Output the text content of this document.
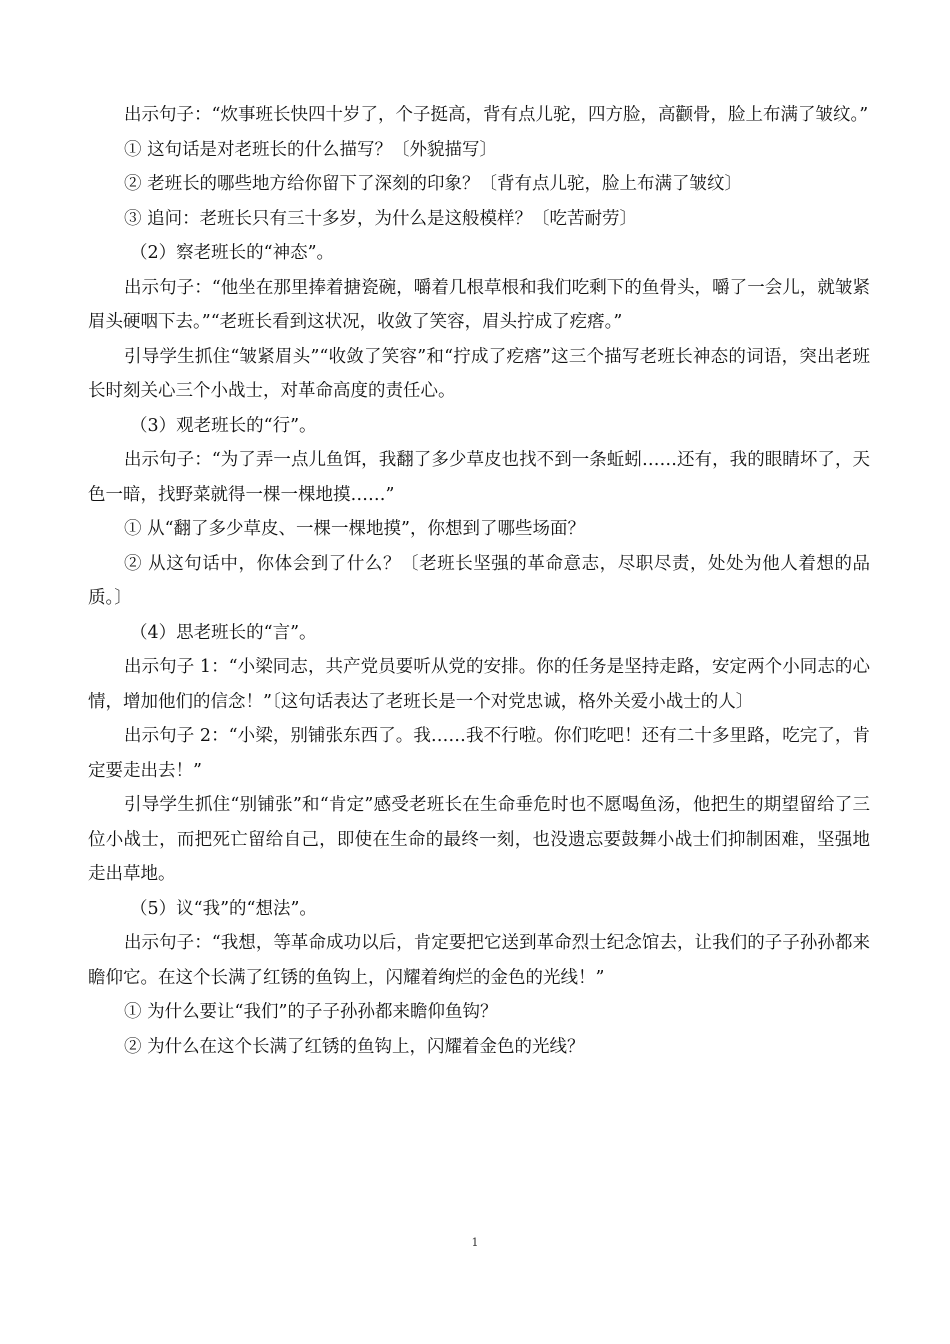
出示句子：“炊事班长快四十岁了，个子挺高，背有点儿驼，四方脸，高颧骨，脸上布满了皱纹。”

① 这句话是对老班长的什么描写？〔外貌描写〕

② 老班长的哪些地方给你留下了深刻的印象？〔背有点儿驼，脸上布满了皱纹〕

③ 追问：老班长只有三十多岁，为什么是这般模样？〔吃苦耐劳〕

（2）察老班长的“神态”。

出示句子：“他坐在那里捧着搪瓷碗，嚼着几根草根和我们吃剩下的鱼骨头，嚼了一会儿，就皱紧眉头硬咽下去。”“老班长看到这状况，收敛了笑容，眉头拧成了疙瘩。”

引导学生抓住“皱紧眉头”“收敛了笑容”和“拧成了疙瘩”这三个描写老班长神态的词语，突出老班长时刻关心三个小战士，对革命高度的责任心。

（3）观老班长的“行”。

出示句子：“为了弄一点儿鱼饵，我翻了多少草皮也找不到一条蚯蚓……还有，我的眼睛坏了，天色一暗，找野菜就得一棵一棵地摸……”

① 从“翻了多少草皮、一棵一棵地摸”，你想到了哪些场面？

② 从这句话中，你体会到了什么？〔老班长坚强的革命意志，尽职尽责，处处为他人着想的品质。〕

（4）思老班长的“言”。

出示句子 1：“小梁同志，共产党员要听从党的安排。你的任务是坚持走路，安定两个小同志的心情，增加他们的信念！”〔这句话表达了老班长是一个对党忠诚，格外关爱小战士的人〕

出示句子 2：“小梁，别铺张东西了。我……我不行啦。你们吃吧！还有二十多里路，吃完了，肯定要走出去！”

引导学生抓住“别铺张”和“肯定”感受老班长在生命垂危时也不愿喝鱼汤，他把生的期望留给了三位小战士，而把死亡留给自己，即使在生命的最终一刻，也没遗忘要鼓舞小战士们抑制困难，坚强地走出草地。

（5）议“我”的“想法”。

出示句子：“我想，等革命成功以后，肯定要把它送到革命烈士纪念馆去，让我们的子子孙孙都来瞻仰它。在这个长满了红锈的鱼钩上，闪耀着绚烂的金色的光线！”

① 为什么要让“我们”的子子孙孙都来瞻仰鱼钩？

② 为什么在这个长满了红锈的鱼钩上，闪耀着金色的光线？

1
